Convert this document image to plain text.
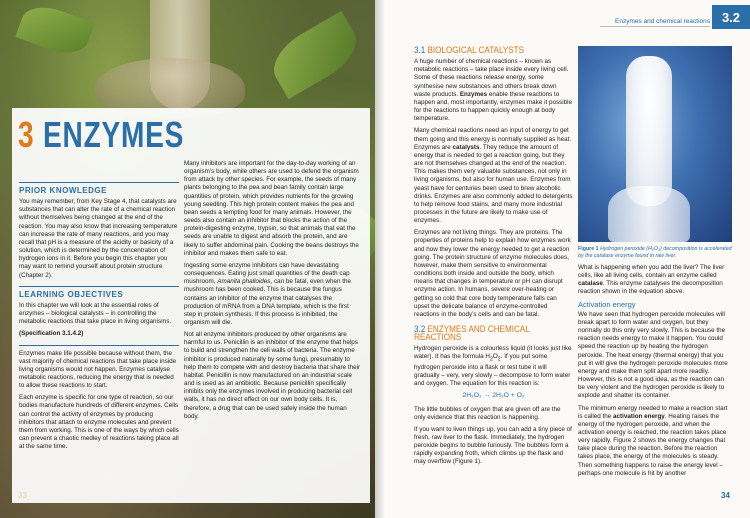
3 ENZYMES
PRIOR KNOWLEDGE

You may remember, from Key Stage 4, that catalysts are substances that can alter the rate of a chemical reaction without themselves being changed at the end of the reaction. You may also know that increasing temperature can increase the rate of many reactions, and you may recall that pH is a measure of the acidity or basicity of a solution, which is determined by the concentration of hydrogen ions in it. Before you begin this chapter you may want to remind yourself about protein structure (Chapter 2).

LEARNING OBJECTIVES

In this chapter we will look at the essential roles of enzymes – biological catalysts – in controlling the metabolic reactions that take place in living organisms.

(Specification 3.1.4.2)

Enzymes make life possible because without them, the vast majority of chemical reactions that take place inside living organisms would not happen. Enzymes catalyse metabolic reactions, reducing the energy that is needed to allow these reactions to start.

Each enzyme is specific for one type of reaction, so our bodies manufacture hundreds of different enzymes. Cells can control the activity of enzymes by producing inhibitors that attach to enzyme molecules and prevent them from working. This is one of the ways by which cells can prevent a chaotic medley of reactions taking place all at the same time.

Many inhibitors are important for the day-to-day working of an organism’s body, while others are used to defend the organism from attack by other species. For example, the seeds of many plants belonging to the pea and bean family contain large quantities of protein, which provides nutrients for the growing young seedling. This high protein content makes the pea and bean seeds a tempting food for many animals. However, the seeds also contain an inhibitor that blocks the action of the protein-digesting enzyme, trypsin, so that animals that eat the seeds are unable to digest and absorb the protein, and are likely to suffer abdominal pain. Cooking the beans destroys the inhibitor and makes them safe to eat.

Ingesting some enzyme inhibitors can have devastating consequences. Eating just small quantities of the death cap mushroom, Amanita phalloides, can be fatal, even when the mushroom has been cooked. This is because the fungus contains an inhibitor of the enzyme that catalyses the production of mRNA from a DNA template, which is the first step in protein synthesis. If this process is inhibited, the organism will die.

Not all enzyme inhibitors produced by other organisms are harmful to us. Penicillin is an inhibitor of the enzyme that helps to build and strengthen the cell walls of bacteria. The enzyme inhibitor is produced naturally by some fungi, presumably to help them to compete with and destroy bacteria that share their habitat. Penicillin is now manufactured on an industrial scale and is used as an antibiotic. Because penicillin specifically inhibits only the enzymes involved in producing bacterial cell walls, it has no direct effect on our own body cells. It is, therefore, a drug that can be used safely inside the human body.

33
Enzymes and chemical reactions 3.2
3.1 BIOLOGICAL CATALYSTS

A huge number of chemical reactions – known as metabolic reactions – take place inside every living cell. Some of these reactions release energy, some synthesise new substances and others break down waste products. Enzymes enable these reactions to happen and, most importantly, enzymes make it possible for the reactions to happen quickly enough at body temperature.

Many chemical reactions need an input of energy to get them going and this energy is normally supplied as heat. Enzymes are catalysts. They reduce the amount of energy that is needed to get a reaction going, but they are not themselves changed at the end of the reaction. This makes them very valuable substances, not only in living organisms, but also for human use. Enzymes from yeast have for centuries been used to brew alcoholic drinks. Enzymes are also commonly added to detergents to help remove food stains, and many more industrial processes in the future are likely to make use of enzymes.

Enzymes are not living things. They are proteins. The properties of proteins help to explain how enzymes work and how they lower the energy needed to get a reaction going. The protein structure of enzyme molecules does, however, make them sensitive to environmental conditions both inside and outside the body, which means that changes in temperature or pH can disrupt enzyme action. In humans, severe over-heating or getting so cold that core body temperature falls can upset the delicate balance of enzyme-controlled reactions in the body’s cells and can be fatal.

3.2 ENZYMES AND CHEMICAL REACTIONS

Hydrogen peroxide is a colourless liquid (it looks just like water). It has the formula $H_2O_2$. If you put some hydrogen peroxide into a flask or test tube it will gradually – very, very slowly – decompose to form water and oxygen. The equation for this reaction is:

2H₂O₂ → 2H₂O + O₂

The little bubbles of oxygen that are given off are the only evidence that this reaction is happening.

If you want to liven things up, you can add a tiny piece of fresh, raw liver to the flask. Immediately, the hydrogen peroxide begins to bubble furiously. The bubbles form a rapidly expanding froth, which climbs up the flask and may overflow (Figure 1).

Figure 1 Hydrogen peroxide (H₂O₂) decomposition is accelerated by the catalase enzyme found in raw liver.

What is happening when you add the liver? The liver cells, like all living cells, contain an enzyme called catalase. This enzyme catalyses the decomposition reaction shown in the equation above.

Activation energy

We have seen that hydrogen peroxide molecules will break apart to form water and oxygen, but they normally do this only very slowly. This is because the reaction needs energy to make it happen. You could speed the reaction up by heating the hydrogen peroxide. The heat energy (thermal energy) that you put in will give the hydrogen peroxide molecules more energy and make them split apart more readily. However, this is not a good idea, as the reaction can be very violent and the hydrogen peroxide is likely to explode and shatter its container.

The minimum energy needed to make a reaction start is called the activation energy. Heating raises the energy of the hydrogen peroxide, and when the activation energy is reached, the reaction takes place very rapidly. Figure 2 shows the energy changes that take place during the reaction. Before the reaction takes place, the energy of the molecules is steady. Then something happens to raise the energy level – perhaps one molecule is hit by another

34
